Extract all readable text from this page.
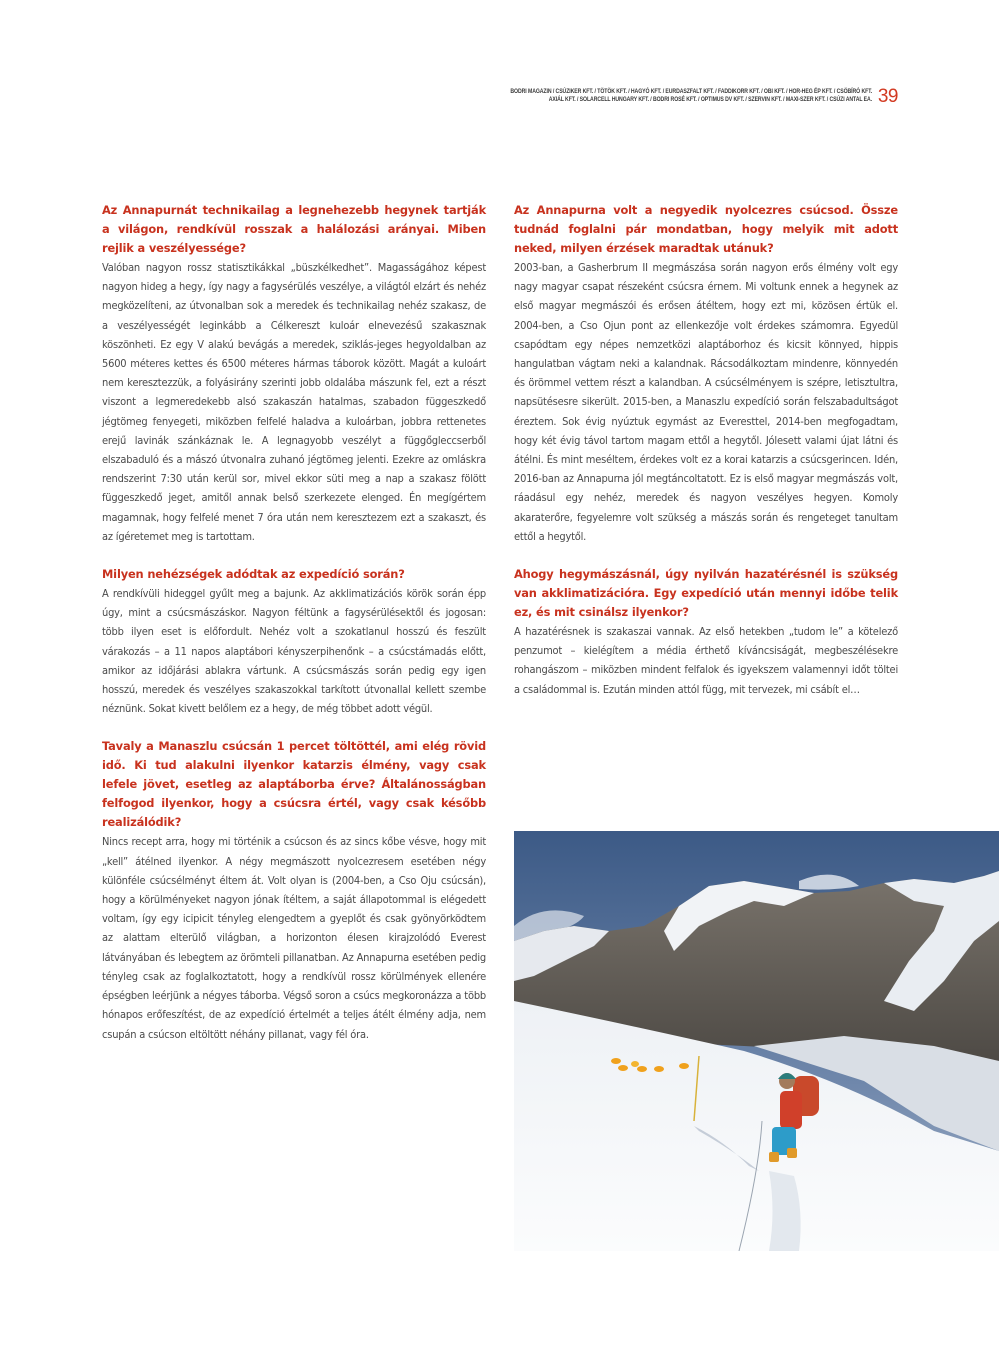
BODRI MAGAZIN / CSÚZIKER KFT. / TÖTÖK KFT. / HAGYÓ KFT. / EURDASZFALT KFT. / FADDIKORR KFT. / OBI KFT. / HOR-HEG ÉP KFT. / CSÖBÍRÓ KFT.
AXIÁL KFT. / SOLARCELL HUNGARY KFT. / BODRI ROSÉ KFT. / OPTIMUS DV KFT. / SZERVIN KFT. / MAXI-SZER KFT. / CSÚZI ANTAL EA. 39

Az Annapurnát technikailag a legnehezebb hegynek tartják a világon, rendkívül rosszak a halálozási arányai. Miben rejlik a veszélyessége?

Valóban nagyon rossz statisztikákkal „büszkélkedhet”. Magasságához képest nagyon hideg a hegy, így nagy a fagysérülés veszélye, a világtól elzárt és nehéz megközelíteni, az útvonalban sok a meredek és technikailag nehéz szakasz, de a veszélyességét leginkább a Célkereszt kuloár elnevezésű szakasznak köszönheti. Ez egy V alakú bevágás a meredek, sziklás-jeges hegyoldalban az 5600 méteres kettes és 6500 méteres hármas táborok között. Magát a kuloárt nem keresztezzük, a folyásirány szerinti jobb oldalába mászunk fel, ezt a részt viszont a legmeredekebb alsó szakaszán hatalmas, szabadon függeszkedő jégtömeg fenyegeti, miközben felfelé haladva a kuloárban, jobbra rettenetes erejű lavinák szánkáznak le. A legnagyobb veszélyt a függőgleccserből elszabaduló és a mászó útvonalra zuhanó jégtömeg jelenti. Ezekre az omláskra rendszerint 7:30 után kerül sor, mivel ekkor süti meg a nap a szakasz fölött függeszkedő jeget, amitől annak belső szerkezete elenged. Én megígértem magamnak, hogy felfelé menet 7 óra után nem keresztezem ezt a szakaszt, és az ígéretemet meg is tartottam.

Milyen nehézségek adódtak az expedíció során?

A rendkívüli hideggel gyűlt meg a bajunk. Az akklimatizációs körök során épp úgy, mint a csúcsmászáskor. Nagyon féltünk a fagysérülésektől és jogosan: több ilyen eset is előfordult. Nehéz volt a szokatlanul hosszú és feszült várakozás – a 11 napos alaptábori kényszerpihenőnk – a csúcstámadás előtt, amikor az időjárási ablakra vártunk. A csúcsmászás során pedig egy igen hosszú, meredek és veszélyes szakaszokkal tarkított útvonallal kellett szembe néznünk. Sokat kivett belőlem ez a hegy, de még többet adott végül.

Tavaly a Manaszlu csúcsán 1 percet töltöttél, ami elég rövid idő. Ki tud alakulni ilyenkor katarzis élmény, vagy csak lefele jövet, esetleg az alaptáborba érve? Általánosságban felfogod ilyenkor, hogy a csúcsra értél, vagy csak később realizálódik?

Nincs recept arra, hogy mi történik a csúcson és az sincs kőbe vésve, hogy mit „kell” átélned ilyenkor. A négy megmászott nyolcezresem esetében négy különféle csúcsélményt éltem át. Volt olyan is (2004-ben, a Cso Oju csúcsán), hogy a körülményeket nagyon jónak ítéltem, a saját állapotommal is elégedett voltam, így egy icipicit tényleg elengedtem a gyeplőt és csak gyönyörködtem az alattam elterülő világban, a horizonton élesen kirajzolódó Everest látványában és lebegtem az örömteli pillanatban. Az Annapurna esetében pedig tényleg csak az foglalkoztatott, hogy a rendkívül rossz körülmények ellenére épségben leérjünk a négyes táborba. Végső soron a csúcs megkoronázza a több hónapos erőfeszítést, de az expedíció értelmét a teljes átélt élmény adja, nem csupán a csúcson eltöltött néhány pillanat, vagy fél óra.

Az Annapurna volt a negyedik nyolcezres csúcsod. Össze tudnád foglalni pár mondatban, hogy melyik mit adott neked, milyen érzések maradtak utánuk?

2003-ban, a Gasherbrum II megmászása során nagyon erős élmény volt egy nagy magyar csapat részeként csúcsra érnem. Mi voltunk ennek a hegynek az első magyar megmászói és erősen átéltem, hogy ezt mi, közösen értük el. 2004-ben, a Cso Ojun pont az ellenkezője volt érdekes számomra. Egyedül csapódtam egy népes nemzetközi alaptáborhoz és kicsit könnyed, hippis hangulatban vágtam neki a kalandnak. Rácsodálkoztam mindenre, könnyedén és örömmel vettem részt a kalandban. A csúcsélményem is szépre, letisztultra, napsütésesre sikerült. 2015-ben, a Manaszlu expedíció során felszabadultságot éreztem. Sok évig nyúztuk egymást az Everesttel, 2014-ben megfogadtam, hogy két évig távol tartom magam ettől a hegytől. Jólesett valami újat látni és átélni. És mint meséltem, érdekes volt ez a korai katarzis a csúcsgerincen. Idén, 2016-ban az Annapurna jól megtáncoltatott. Ez is első magyar megmászás volt, ráadásul egy nehéz, meredek és nagyon veszélyes hegyen. Komoly akaraterőre, fegyelemre volt szükség a mászás során és rengeteget tanultam ettől a hegytől.

Ahogy hegymászásnál, úgy nyilván hazatérésnél is szükség van akklimatizációra. Egy expedíció után mennyi időbe telik ez, és mit csinálsz ilyenkor?

A hazatérésnek is szakaszai vannak. Az első hetekben „tudom le” a kötelező penzumot – kielégítem a média érthető kíváncsiságát, megbeszélésekre rohangászom – miközben mindent felfalok és igyekszem valamennyi időt töltei a családommal is. Ezután minden attól függ, mit tervezek, mi csábít el…
